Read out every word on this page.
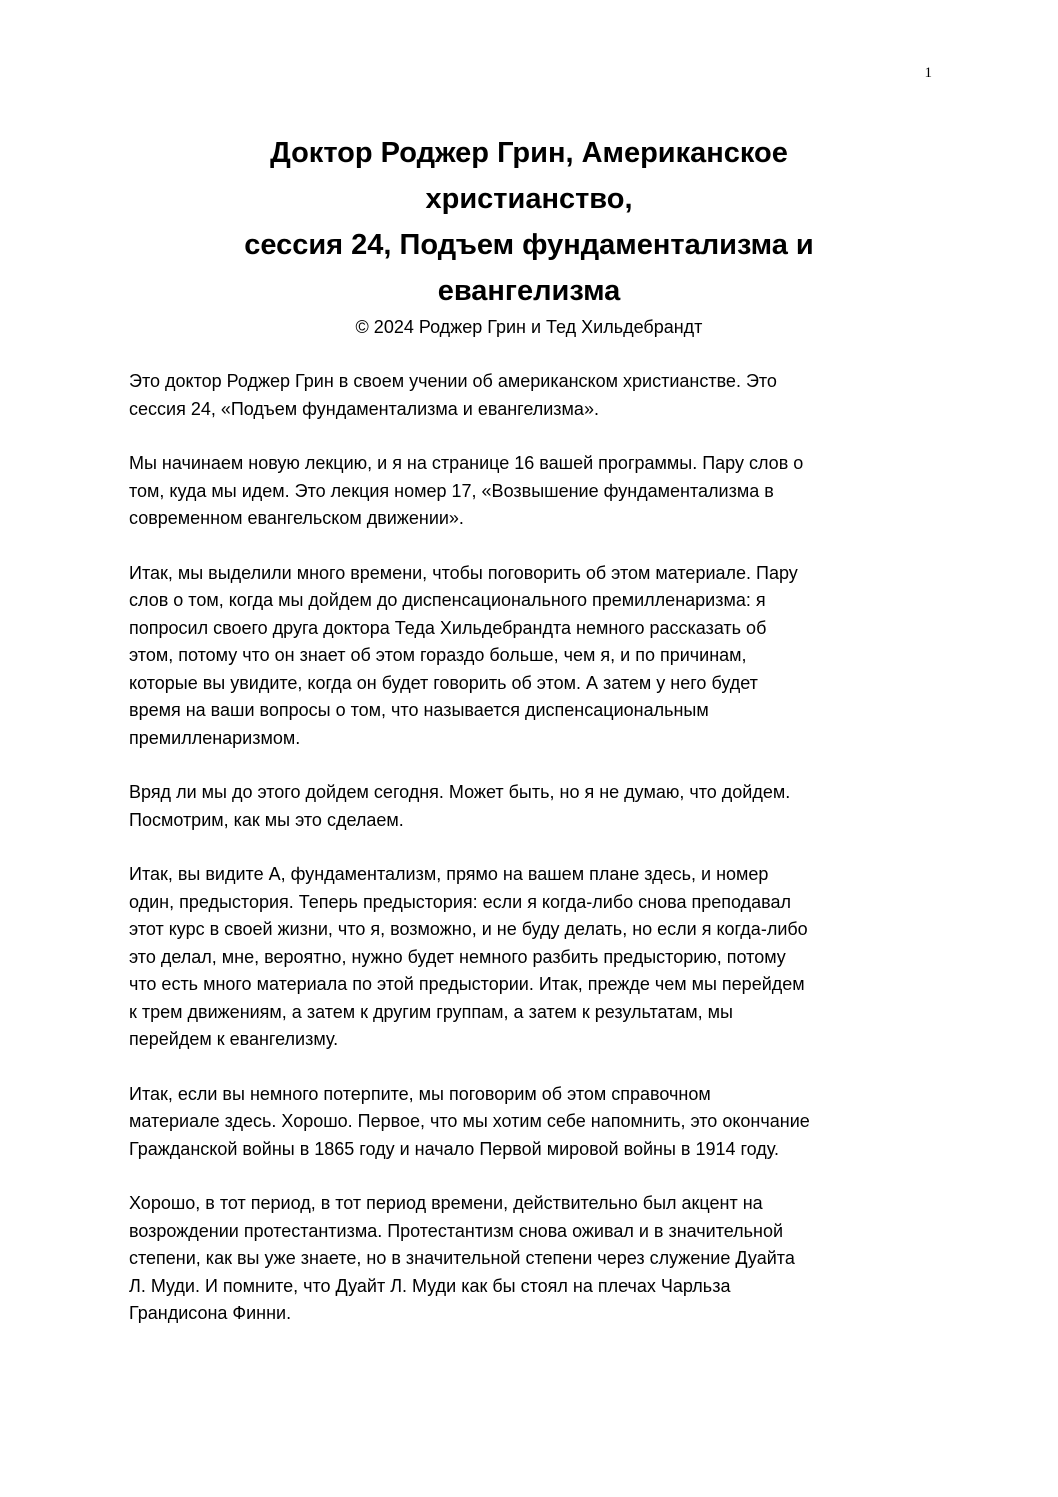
1
Доктор Роджер Грин, Американское
христианство,
сессия 24, Подъем фундаментализма и
евангелизма
© 2024 Роджер Грин и Тед Хильдебрандт
Это доктор Роджер Грин в своем учении об американском христианстве. Это
сессия 24, «Подъем фундаментализма и евангелизма».
Мы начинаем новую лекцию, и я на странице 16 вашей программы. Пару слов о
том, куда мы идем. Это лекция номер 17, «Возвышение фундаментализма в
современном евангельском движении».
Итак, мы выделили много времени, чтобы поговорить об этом материале. Пару
слов о том, когда мы дойдем до диспенсационального премилленаризма: я
попросил своего друга доктора Теда Хильдебрандта немного рассказать об
этом, потому что он знает об этом гораздо больше, чем я, и по причинам,
которые вы увидите, когда он будет говорить об этом. А затем у него будет
время на ваши вопросы о том, что называется диспенсациональным
премилленаризмом.
Вряд ли мы до этого дойдем сегодня. Может быть, но я не думаю, что дойдем.
Посмотрим, как мы это сделаем.
Итак, вы видите A, фундаментализм, прямо на вашем плане здесь, и номер
один, предыстория. Теперь предыстория: если я когда-либо снова преподавал
этот курс в своей жизни, что я, возможно, и не буду делать, но если я когда-либо
это делал, мне, вероятно, нужно будет немного разбить предысторию, потому
что есть много материала по этой предыстории. Итак, прежде чем мы перейдем
к трем движениям, а затем к другим группам, а затем к результатам, мы
перейдем к евангелизму.
Итак, если вы немного потерпите, мы поговорим об этом справочном
материале здесь. Хорошо. Первое, что мы хотим себе напомнить, это окончание
Гражданской войны в 1865 году и начало Первой мировой войны в 1914 году.
Хорошо, в тот период, в тот период времени, действительно был акцент на
возрождении протестантизма. Протестантизм снова оживал и в значительной
степени, как вы уже знаете, но в значительной степени через служение Дуайта
Л. Муди. И помните, что Дуайт Л. Муди как бы стоял на плечах Чарльза
Грандисона Финни.
